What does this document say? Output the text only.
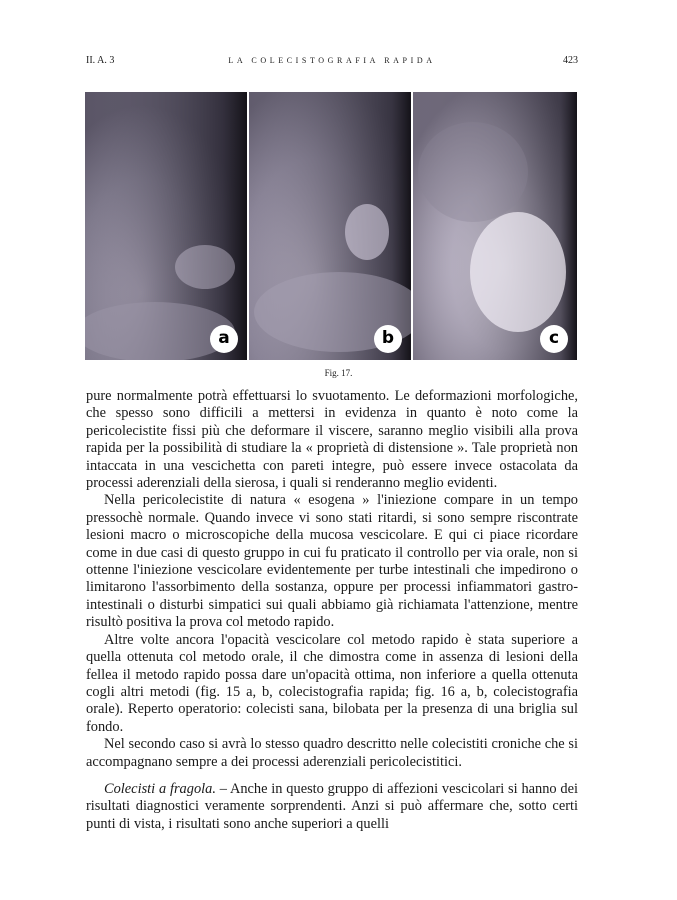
II. A. 3	LA COLECISTOGRAFIA RAPIDA	423
a	b	c
Fig. 17.

pure normalmente potrà effettuarsi lo svuotamento. Le deformazioni morfologiche, che spesso sono difficili a mettersi in evidenza in quanto è noto come la pericolecistite fissi più che deformare il viscere, saranno meglio visibili alla prova rapida per la possibilità di studiare la « proprietà di distensione ». Tale proprietà non intaccata in una vescichetta con pareti integre, può essere invece ostacolata da processi aderenziali della sierosa, i quali si renderanno meglio evidenti.

Nella pericolecistite di natura « esogena » l'iniezione compare in un tempo pressochè normale. Quando invece vi sono stati ritardi, si sono sempre riscontrate lesioni macro o microscopiche della mucosa vescicolare. E qui ci piace ricordare come in due casi di questo gruppo in cui fu praticato il controllo per via orale, non si ottenne l'iniezione vescicolare evidentemente per turbe intestinali che impedirono o limitarono l'assorbimento della sostanza, oppure per processi infiammatori gastro-intestinali o disturbi simpatici sui quali abbiamo già richiamata l'attenzione, mentre risultò positiva la prova col metodo rapido.

Altre volte ancora l'opacità vescicolare col metodo rapido è stata superiore a quella ottenuta col metodo orale, il che dimostra come in assenza di lesioni della fellea il metodo rapido possa dare un'opacità ottima, non inferiore a quella ottenuta cogli altri metodi (fig. 15 a, b, colecistografia rapida; fig. 16 a, b, colecistografia orale). Reperto operatorio: colecisti sana, bilobata per la presenza di una briglia sul fondo.

Nel secondo caso si avrà lo stesso quadro descritto nelle colecistiti croniche che si accompagnano sempre a dei processi aderenziali pericolecistitici.

Colecisti a fragola. – Anche in questo gruppo di affezioni vescicolari si hanno dei risultati diagnostici veramente sorprendenti. Anzi si può affermare che, sotto certi punti di vista, i risultati sono anche superiori a quelli
